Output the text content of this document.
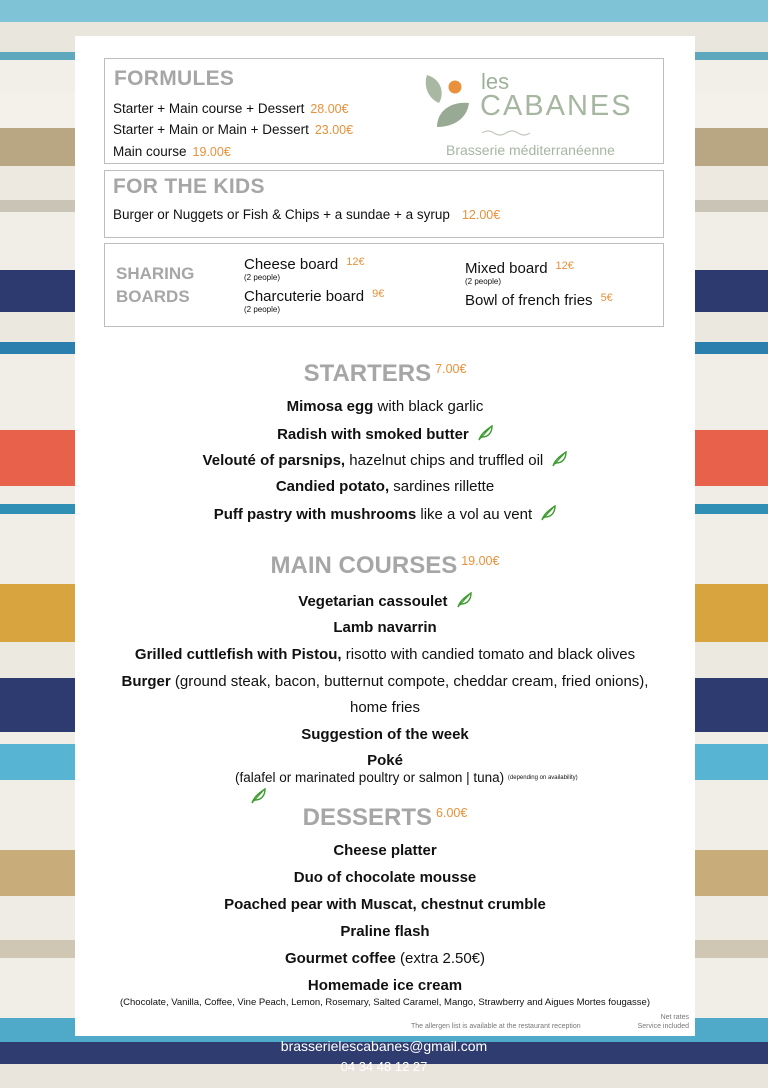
FORMULES
Starter + Main course + Dessert 28.00€
Starter + Main or Main + Dessert 23.00€
Main course 19.00€
les
CABANES
Brasserie méditerranéenne
FOR THE KIDS
Burger or Nuggets or Fish & Chips + a sundae + a syrup 12.00€
SHARING
BOARDS
Cheese board $^{12€}$
(2 people)
Charcuterie board $^{9€}$
(2 people)
Mixed board $^{12€}$
(2 people)
Bowl of french fries $^{5€}$
STARTERS $^{7.00€}$
Mimosa egg with black garlic
Radish with smoked butter
Velouté of parsnips, hazelnut chips and truffled oil
Candied potato, sardines rillette
Puff pastry with mushrooms like a vol au vent
MAIN COURSES $^{19.00€}$
Vegetarian cassoulet
Lamb navarrin
Grilled cuttlefish with Pistou, risotto with candied tomato and black olives
Burger (ground steak, bacon, butternut compote, cheddar cream, fried onions),
home fries
Suggestion of the week
Poké
(falafel or marinated poultry or salmon | tuna) $^{(depending on availability)}$
DESSERTS $^{6.00€}$
Cheese platter
Duo of chocolate mousse
Poached pear with Muscat, chestnut crumble
Praline flash
Gourmet coffee (extra 2.50€)
Homemade ice cream
(Chocolate, Vanilla, Coffee, Vine Peach, Lemon, Rosemary, Salted Caramel, Mango, Strawberry and Aigues Mortes fougasse)
Net rates
The allergen list is available at the restaurant reception	Service included
brasserielescabanes@gmail.com
04 34 48 12 27
